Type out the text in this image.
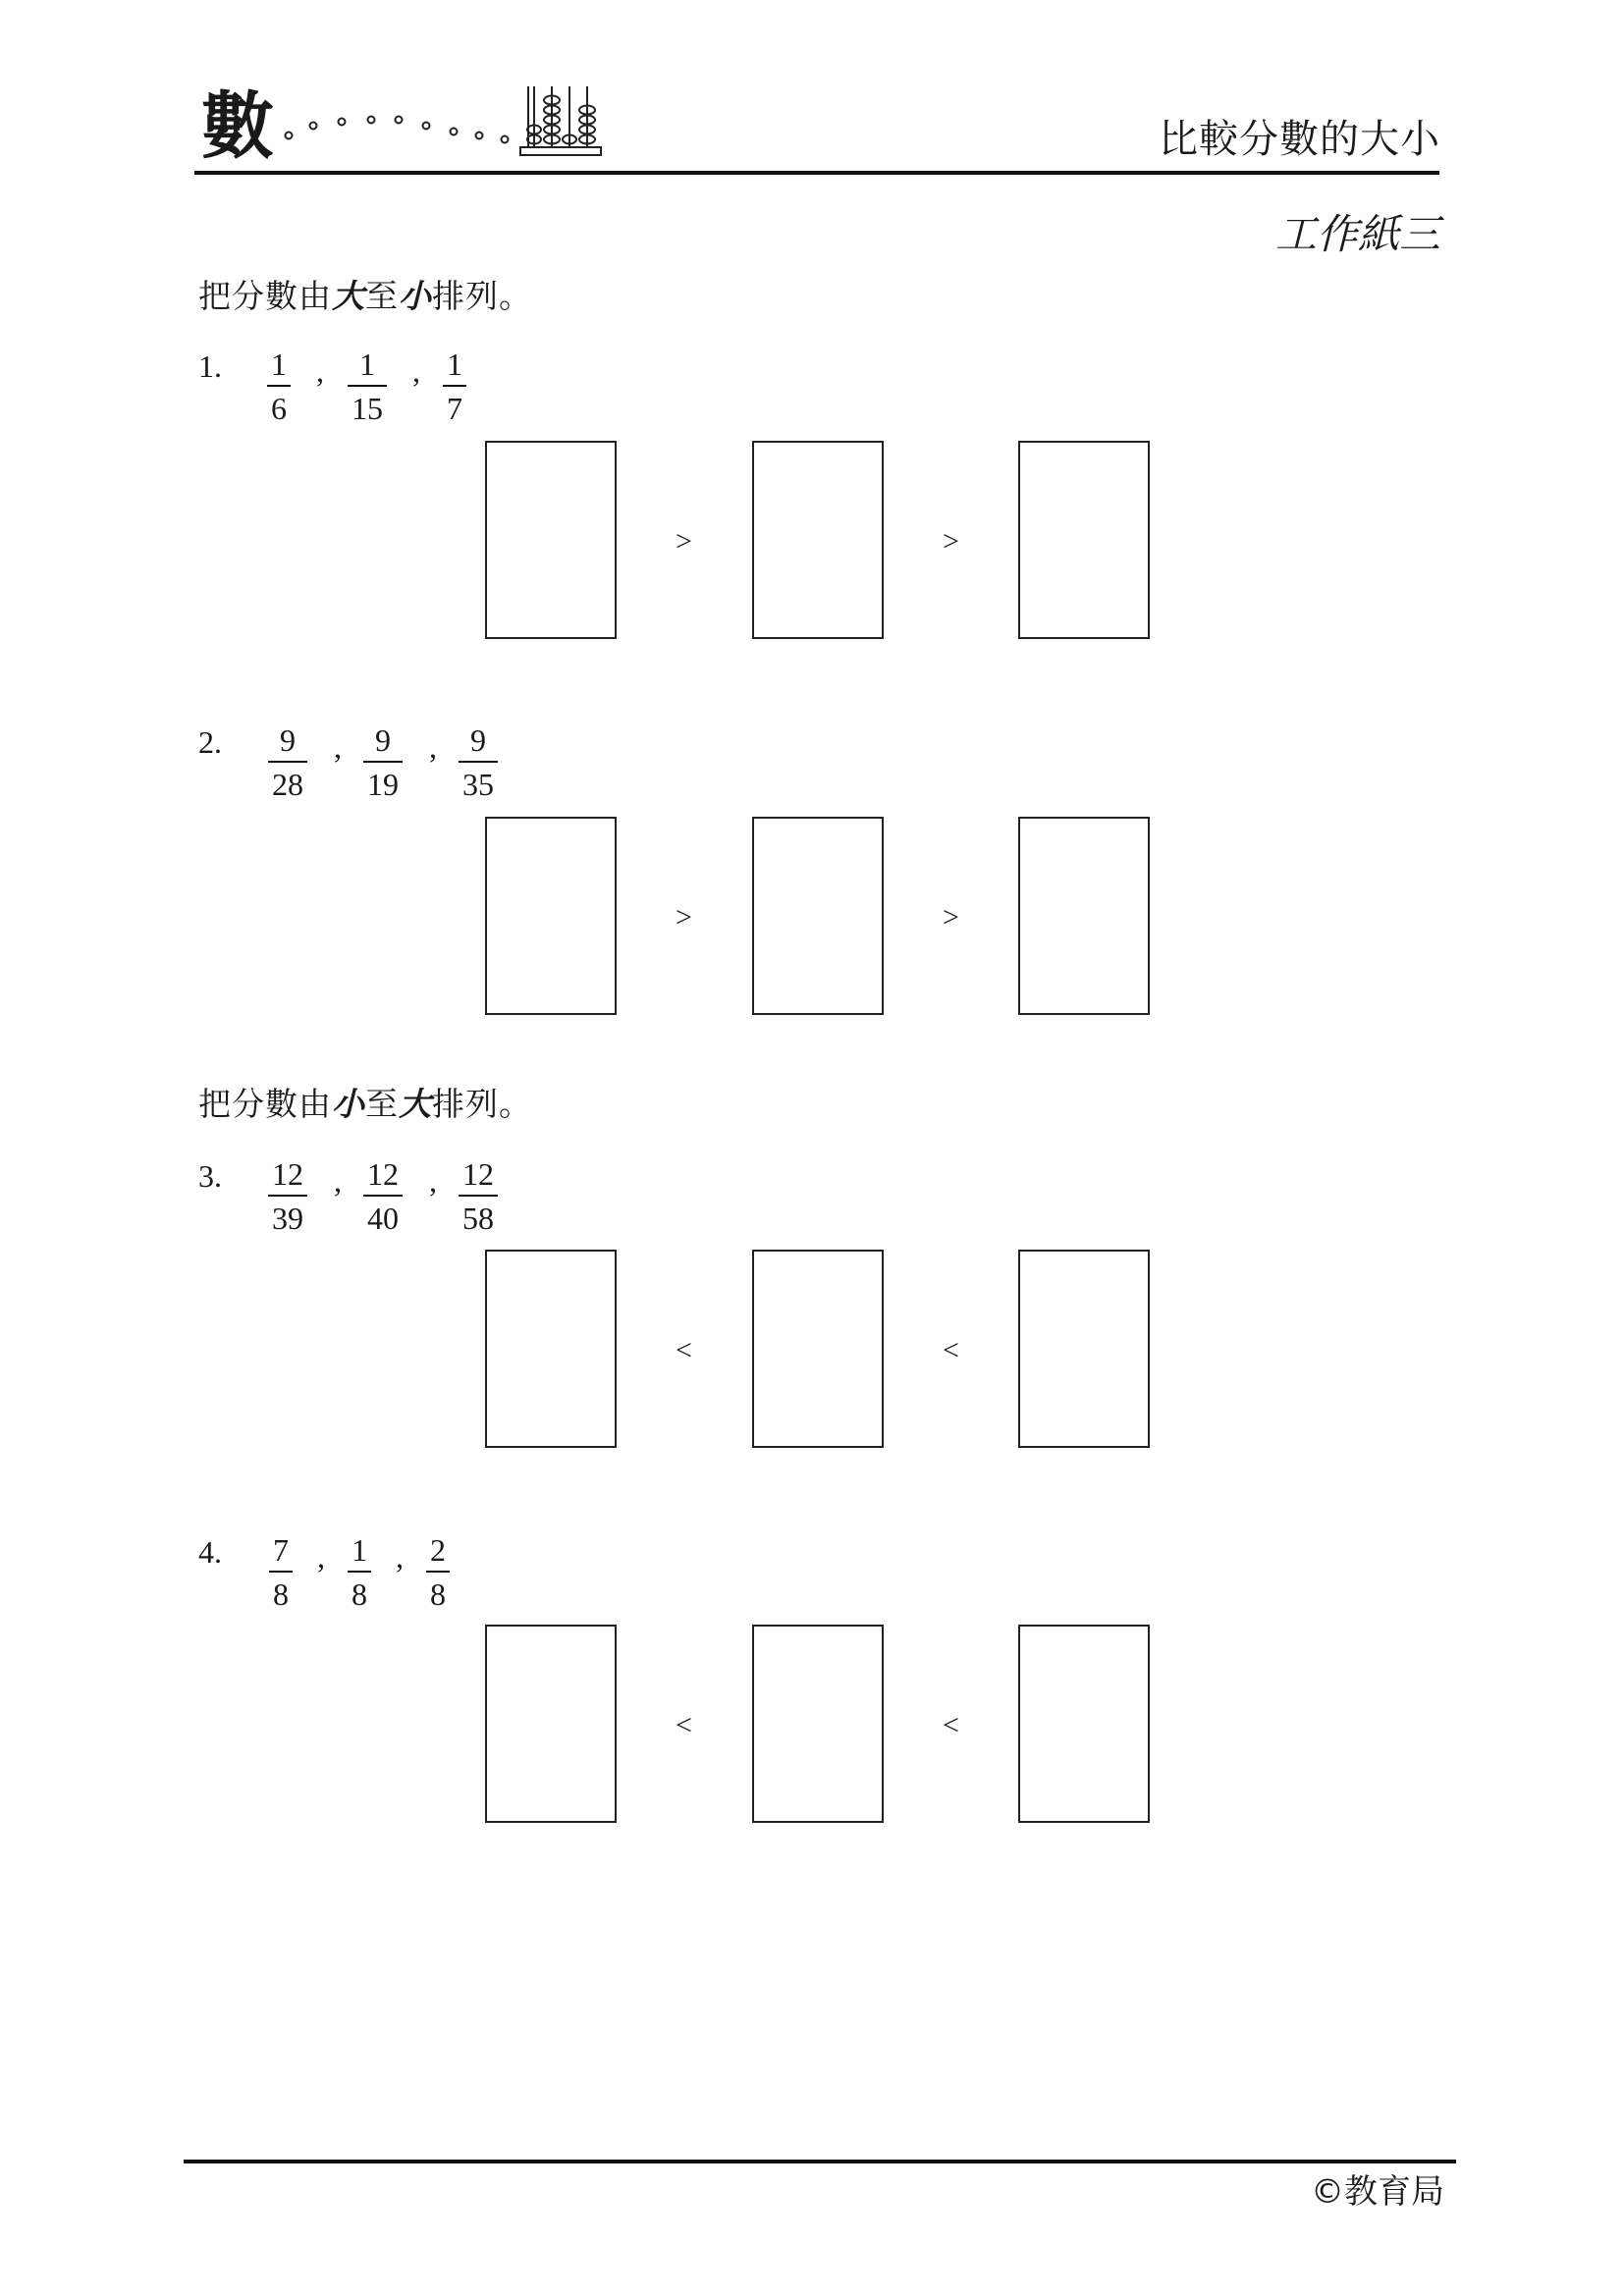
數	比較分數的大小
工作紙三
把分數由大至小排列。
1. 1
6
, 1
15
, 1
7
>	>
2. 9
28
, 9
19
, 9
35
>	>
把分數由小至大排列。
3. 12
39
, 12
40
, 12
58
<	<
4. 7
8
, 1
8
, 2
8
<	<
©教育局
